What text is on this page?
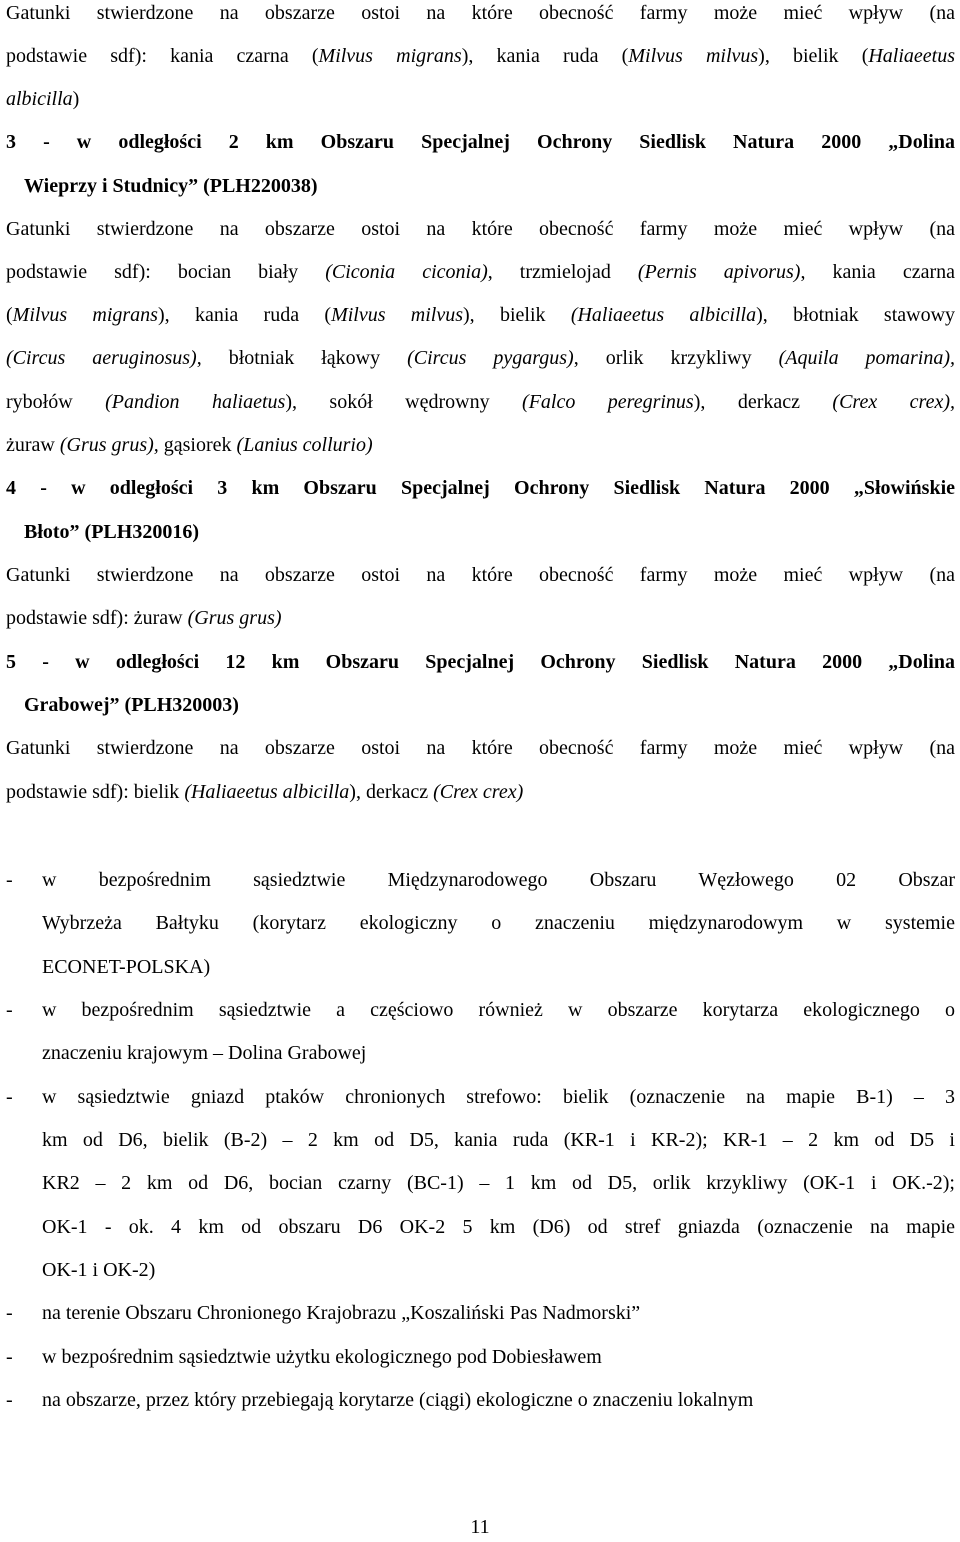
Gatunki stwierdzone na obszarze ostoi na które obecność farmy może mieć wpływ (na
podstawie sdf): kania czarna (Milvus migrans), kania ruda (Milvus milvus), bielik (Haliaeetus
albicilla)
3 - w odległości 2 km Obszaru Specjalnej Ochrony Siedlisk Natura 2000 „Dolina
Wieprzy i Studnicy” (PLH220038)
Gatunki stwierdzone na obszarze ostoi na które obecność farmy może mieć wpływ (na
podstawie sdf): bocian biały (Ciconia ciconia), trzmielojad (Pernis apivorus), kania czarna
(Milvus migrans), kania ruda (Milvus milvus), bielik (Haliaeetus albicilla), błotniak stawowy
(Circus aeruginosus), błotniak łąkowy (Circus pygargus), orlik krzykliwy (Aquila pomarina),
rybołów (Pandion haliaetus), sokół wędrowny (Falco peregrinus), derkacz (Crex crex),
żuraw (Grus grus), gąsiorek (Lanius collurio)
4 - w odległości 3 km Obszaru Specjalnej Ochrony Siedlisk Natura 2000 „Słowińskie
Błoto” (PLH320016)
Gatunki stwierdzone na obszarze ostoi na które obecność farmy może mieć wpływ (na
podstawie sdf): żuraw (Grus grus)
5 - w odległości 12 km Obszaru Specjalnej Ochrony Siedlisk Natura 2000 „Dolina
Grabowej” (PLH320003)
Gatunki stwierdzone na obszarze ostoi na które obecność farmy może mieć wpływ (na
podstawie sdf): bielik (Haliaeetus albicilla), derkacz (Crex crex)
-	w bezpośrednim sąsiedztwie Międzynarodowego Obszaru Węzłowego 02 Obszar
Wybrzeża Bałtyku (korytarz ekologiczny o znaczeniu międzynarodowym w systemie
ECONET-POLSKA)
-	w bezpośrednim sąsiedztwie a częściowo również w obszarze korytarza ekologicznego o
znaczeniu krajowym – Dolina Grabowej
-	w sąsiedztwie gniazd ptaków chronionych strefowo: bielik (oznaczenie na mapie B-1) – 3
km od D6, bielik (B-2) – 2 km od D5, kania ruda (KR-1 i KR-2); KR-1 – 2 km od D5 i
KR2 – 2 km od D6, bocian czarny (BC-1) – 1 km od D5, orlik krzykliwy (OK-1 i OK.-2);
OK-1 - ok. 4 km od obszaru D6 OK-2 5 km (D6) od stref gniazda (oznaczenie na mapie
OK-1 i OK-2)
-	na terenie Obszaru Chronionego Krajobrazu „Koszaliński Pas Nadmorski”
-	w bezpośrednim sąsiedztwie użytku ekologicznego pod Dobiesławem
-	na obszarze, przez który przebiegają korytarze (ciągi) ekologiczne o znaczeniu lokalnym
11
